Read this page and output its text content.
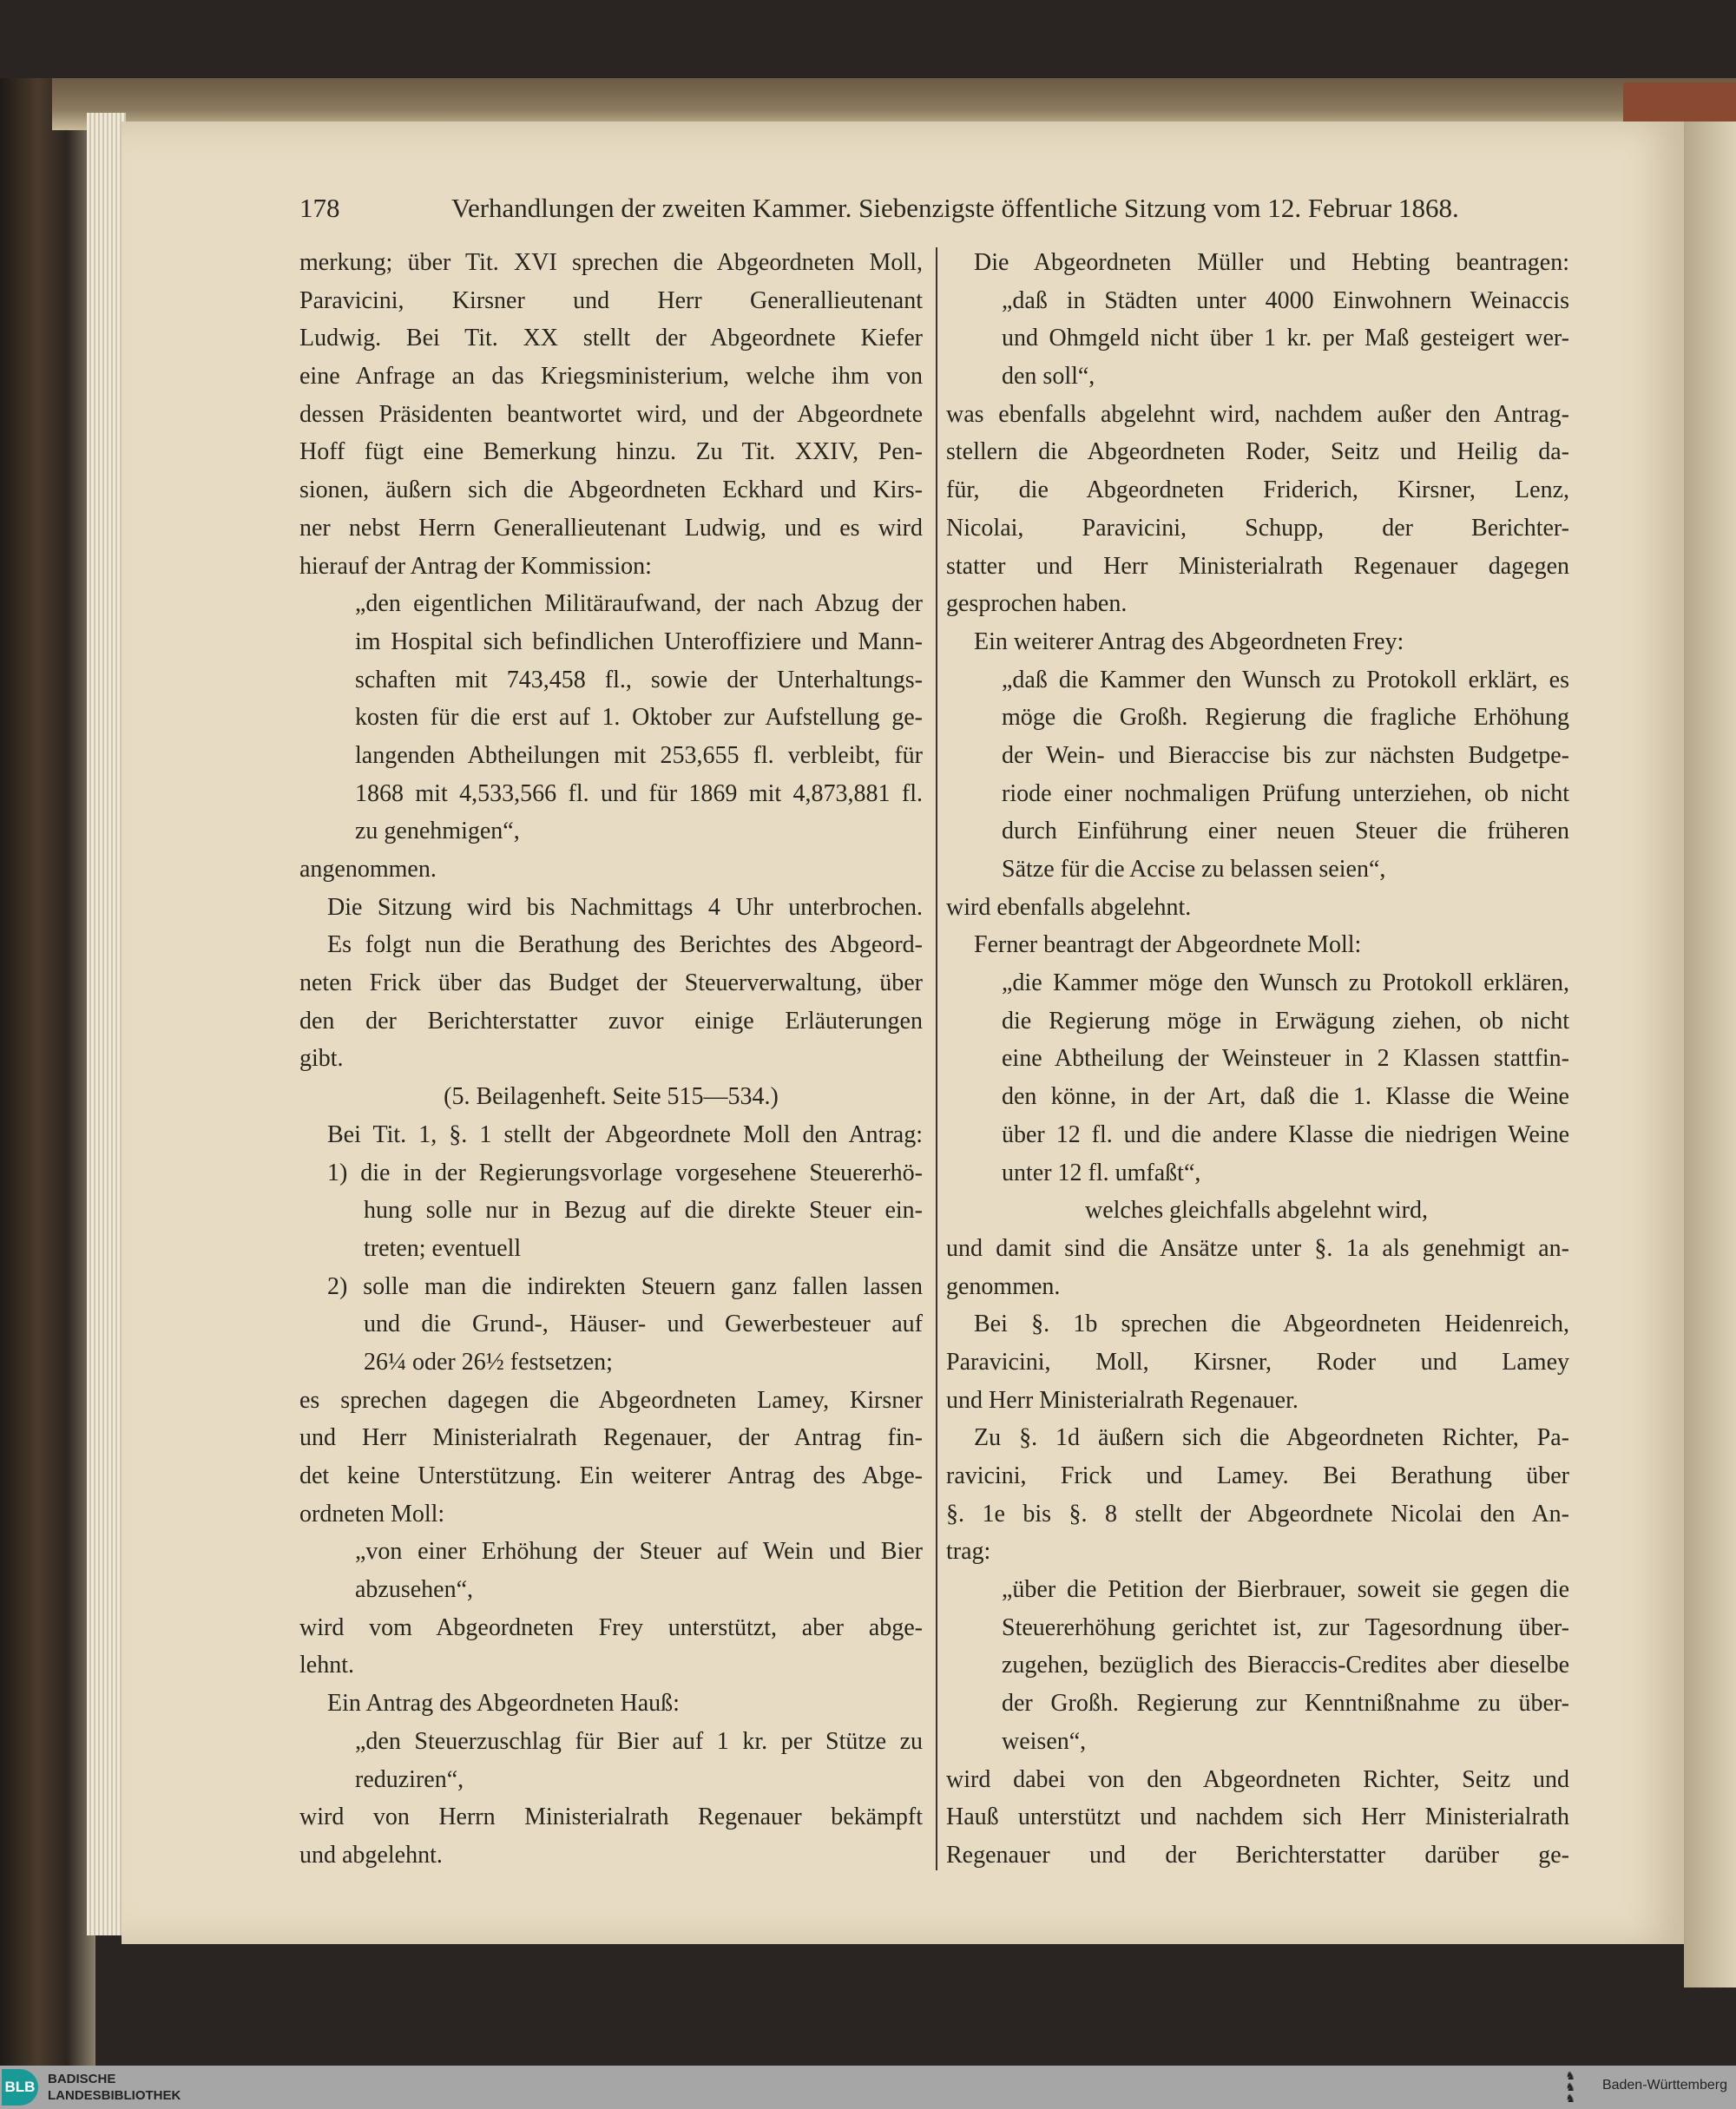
178	Verhandlungen der zweiten Kammer. Siebenzigste öffentliche Sitzung vom 12. Februar 1868.
merkung; über Tit. XVI sprechen die Abgeordneten Moll,
Paravicini, Kirsner und Herr Generallieutenant
Ludwig. Bei Tit. XX stellt der Abgeordnete Kiefer
eine Anfrage an das Kriegsministerium, welche ihm von
dessen Präsidenten beantwortet wird, und der Abgeordnete
Hoff fügt eine Bemerkung hinzu. Zu Tit. XXIV, Pen-
sionen, äußern sich die Abgeordneten Eckhard und Kirs-
ner nebst Herrn Generallieutenant Ludwig, und es wird
hierauf der Antrag der Kommission:
„den eigentlichen Militäraufwand, der nach Abzug der
im Hospital sich befindlichen Unteroffiziere und Mann-
schaften mit 743,458 fl., sowie der Unterhaltungs-
kosten für die erst auf 1. Oktober zur Aufstellung ge-
langenden Abtheilungen mit 253,655 fl. verbleibt, für
1868 mit 4,533,566 fl. und für 1869 mit 4,873,881 fl.
zu genehmigen“,
angenommen.
Die Sitzung wird bis Nachmittags 4 Uhr unterbrochen.
Es folgt nun die Berathung des Berichtes des Abgeord-
neten Frick über das Budget der Steuerverwaltung, über
den der Berichterstatter zuvor einige Erläuterungen
gibt.
(5. Beilagenheft. Seite 515—534.)
Bei Tit. 1, §. 1 stellt der Abgeordnete Moll den Antrag:
1) die in der Regierungsvorlage vorgesehene Steuererhö-
hung solle nur in Bezug auf die direkte Steuer ein-
treten; eventuell
2) solle man die indirekten Steuern ganz fallen lassen
und die Grund-, Häuser- und Gewerbesteuer auf
26¼ oder 26½ festsetzen;
es sprechen dagegen die Abgeordneten Lamey, Kirsner
und Herr Ministerialrath Regenauer, der Antrag fin-
det keine Unterstützung. Ein weiterer Antrag des Abge-
ordneten Moll:
„von einer Erhöhung der Steuer auf Wein und Bier
abzusehen“,
wird vom Abgeordneten Frey unterstützt, aber abge-
lehnt.
Ein Antrag des Abgeordneten Hauß:
„den Steuerzuschlag für Bier auf 1 kr. per Stütze zu
reduziren“,
wird von Herrn Ministerialrath Regenauer bekämpft
und abgelehnt.
Die Abgeordneten Müller und Hebting beantragen:
„daß in Städten unter 4000 Einwohnern Weinaccis
und Ohmgeld nicht über 1 kr. per Maß gesteigert wer-
den soll“,
was ebenfalls abgelehnt wird, nachdem außer den Antrag-
stellern die Abgeordneten Roder, Seitz und Heilig da-
für, die Abgeordneten Friderich, Kirsner, Lenz,
Nicolai, Paravicini, Schupp, der Berichter-
statter und Herr Ministerialrath Regenauer dagegen
gesprochen haben.
Ein weiterer Antrag des Abgeordneten Frey:
„daß die Kammer den Wunsch zu Protokoll erklärt, es
möge die Großh. Regierung die fragliche Erhöhung
der Wein- und Bieraccise bis zur nächsten Budgetpe-
riode einer nochmaligen Prüfung unterziehen, ob nicht
durch Einführung einer neuen Steuer die früheren
Sätze für die Accise zu belassen seien“,
wird ebenfalls abgelehnt.
Ferner beantragt der Abgeordnete Moll:
„die Kammer möge den Wunsch zu Protokoll erklären,
die Regierung möge in Erwägung ziehen, ob nicht
eine Abtheilung der Weinsteuer in 2 Klassen stattfin-
den könne, in der Art, daß die 1. Klasse die Weine
über 12 fl. und die andere Klasse die niedrigen Weine
unter 12 fl. umfaßt“,
welches gleichfalls abgelehnt wird,
und damit sind die Ansätze unter §. 1a als genehmigt an-
genommen.
Bei §. 1b sprechen die Abgeordneten Heidenreich,
Paravicini, Moll, Kirsner, Roder und Lamey
und Herr Ministerialrath Regenauer.
Zu §. 1d äußern sich die Abgeordneten Richter, Pa-
ravicini, Frick und Lamey. Bei Berathung über
§. 1e bis §. 8 stellt der Abgeordnete Nicolai den An-
trag:
„über die Petition der Bierbrauer, soweit sie gegen die
Steuererhöhung gerichtet ist, zur Tagesordnung über-
zugehen, bezüglich des Bieraccis-Credites aber dieselbe
der Großh. Regierung zur Kenntnißnahme zu über-
weisen“,
wird dabei von den Abgeordneten Richter, Seitz und
Hauß unterstützt und nachdem sich Herr Ministerialrath
Regenauer und der Berichterstatter darüber ge-
BLB BADISCHE
LANDESBIBLIOTHEK
♞
♞
♞
Baden-Württemberg
